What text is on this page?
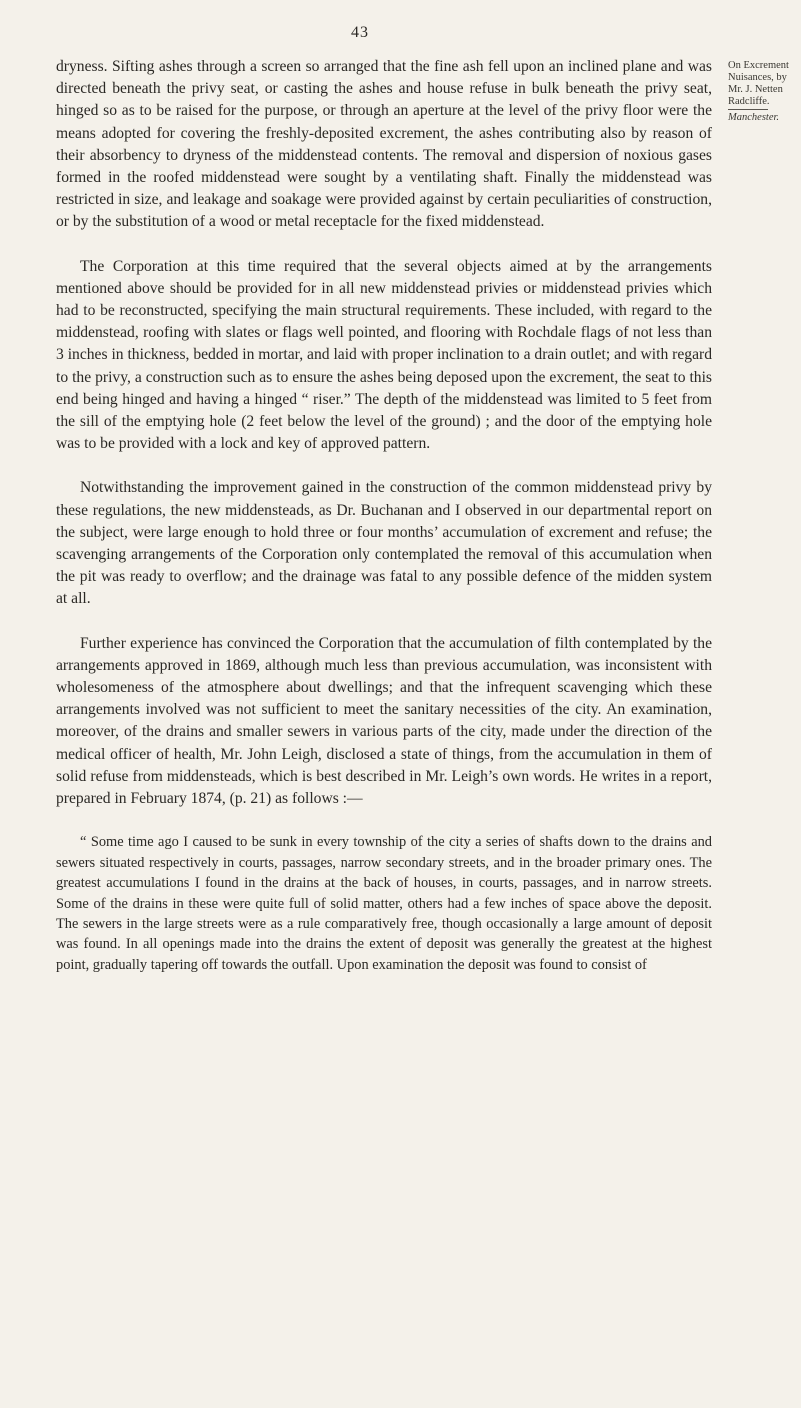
43
On Excrement
Nuisances, by
Mr. J. Netten
Radcliffe.
Manchester.

dryness. Sifting ashes through a screen so arranged that the fine ash fell upon an inclined plane and was directed beneath the privy seat, or casting the ashes and house refuse in bulk beneath the privy seat, hinged so as to be raised for the purpose, or through an aperture at the level of the privy floor were the means adopted for covering the freshly-deposited excrement, the ashes contributing also by reason of their absorbency to dryness of the middenstead contents. The removal and dispersion of noxious gases formed in the roofed middenstead were sought by a ventilating shaft. Finally the middenstead was restricted in size, and leakage and soakage were provided against by certain peculiarities of construction, or by the substitution of a wood or metal receptacle for the fixed middenstead.

The Corporation at this time required that the several objects aimed at by the arrangements mentioned above should be provided for in all new middenstead privies or middenstead privies which had to be reconstructed, specifying the main structural requirements. These included, with regard to the middenstead, roofing with slates or flags well pointed, and flooring with Rochdale flags of not less than 3 inches in thickness, bedded in mortar, and laid with proper inclination to a drain outlet; and with regard to the privy, a construction such as to ensure the ashes being deposed upon the excrement, the seat to this end being hinged and having a hinged “ riser.” The depth of the middenstead was limited to 5 feet from the sill of the emptying hole (2 feet below the level of the ground) ; and the door of the emptying hole was to be provided with a lock and key of approved pattern.

Notwithstanding the improvement gained in the construction of the common middenstead privy by these regulations, the new middensteads, as Dr. Buchanan and I observed in our departmental report on the subject, were large enough to hold three or four months’ accumulation of excrement and refuse; the scavenging arrangements of the Corporation only contemplated the removal of this accumulation when the pit was ready to overflow; and the drainage was fatal to any possible defence of the midden system at all.

Further experience has convinced the Corporation that the accumulation of filth contemplated by the arrangements approved in 1869, although much less than previous accumulation, was inconsistent with wholesomeness of the atmosphere about dwellings; and that the infrequent scavenging which these arrangements involved was not sufficient to meet the sanitary necessities of the city. An examination, moreover, of the drains and smaller sewers in various parts of the city, made under the direction of the medical officer of health, Mr. John Leigh, disclosed a state of things, from the accumulation in them of solid refuse from middensteads, which is best described in Mr. Leigh’s own words. He writes in a report, prepared in February 1874, (p. 21) as follows :—

“ Some time ago I caused to be sunk in every township of the city a series of shafts down to the drains and sewers situated respectively in courts, passages, narrow secondary streets, and in the broader primary ones. The greatest accumulations I found in the drains at the back of houses, in courts, passages, and in narrow streets. Some of the drains in these were quite full of solid matter, others had a few inches of space above the deposit. The sewers in the large streets were as a rule comparatively free, though occasionally a large amount of deposit was found. In all openings made into the drains the extent of deposit was generally the greatest at the highest point, gradually tapering off towards the outfall. Upon examination the deposit was found to consist of
